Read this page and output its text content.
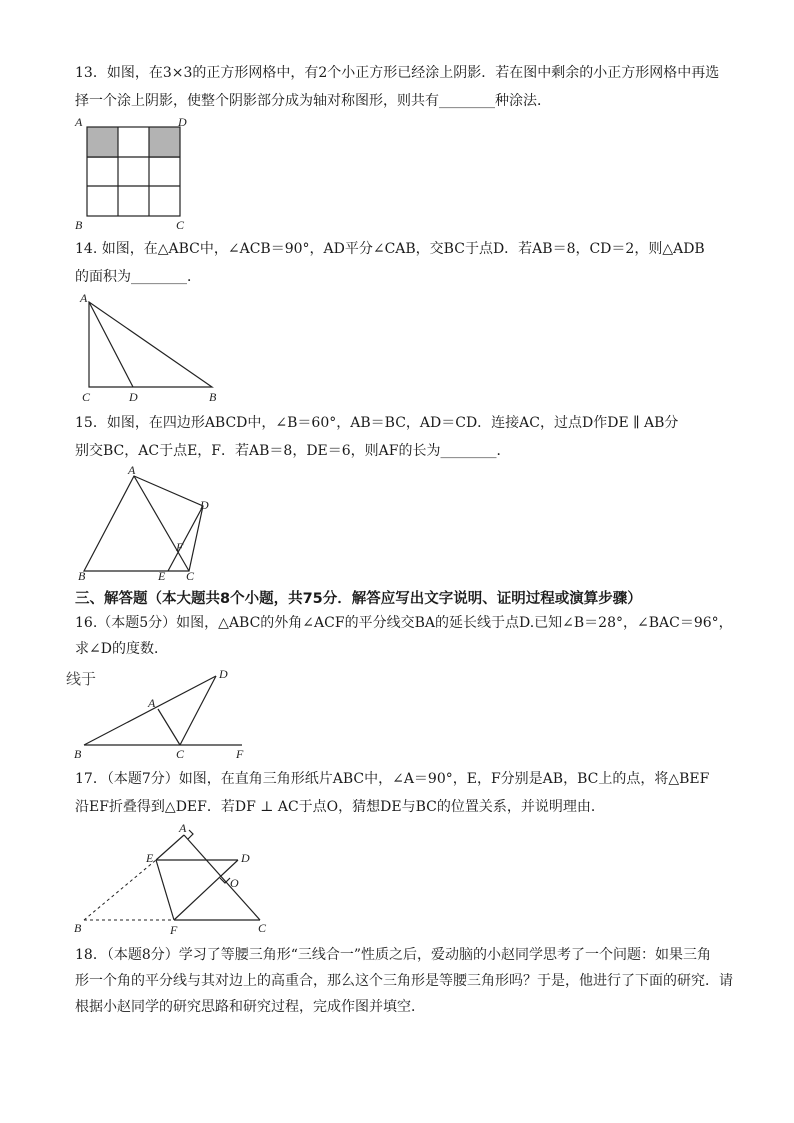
13．如图，在3×3的正方形网格中，有2个小正方形已经涂上阴影．若在图中剩余的小正方形网格中再选
择一个涂上阴影，使整个阴影部分成为轴对称图形，则共有________种涂法．
A	D
B	C
14. 如图，在△ABC中，∠ACB＝90°，AD平分∠CAB，交BC于点D．若AB＝8，CD＝2，则△ADB
的面积为________．
A
C	D	B
15．如图，在四边形ABCD中，∠B＝60°，AB＝BC，AD＝CD．连接AC，过点D作DE ∥ AB分
别交BC，AC于点E，F．若AB＝8，DE＝6，则AF的长为________．
A
D
F
B	E C
三、解答题（本大题共8个小题，共75分．解答应写出文字说明、证明过程或演算步骤）
16.（本题5分）如图，△ABC的外角∠ACF的平分线交BA的延长线于点D.已知∠B＝28°，∠BAC＝96°，
求∠D的度数．
线于	D
A
B	C	F
17．（本题7分）如图，在直角三角形纸片ABC中，∠A＝90°，E，F分别是AB，BC上的点，将△BEF
沿EF折叠得到△DEF．若DF ⊥ AC于点O，猜想DE与BC的位置关系，并说明理由．
A
E	D
O
B	F	C
18．（本题8分）学习了等腰三角形“三线合一”性质之后，爱动脑的小赵同学思考了一个问题：如果三角
形一个角的平分线与其对边上的高重合，那么这个三角形是等腰三角形吗？于是，他进行了下面的研究．请
根据小赵同学的研究思路和研究过程，完成作图并填空．
